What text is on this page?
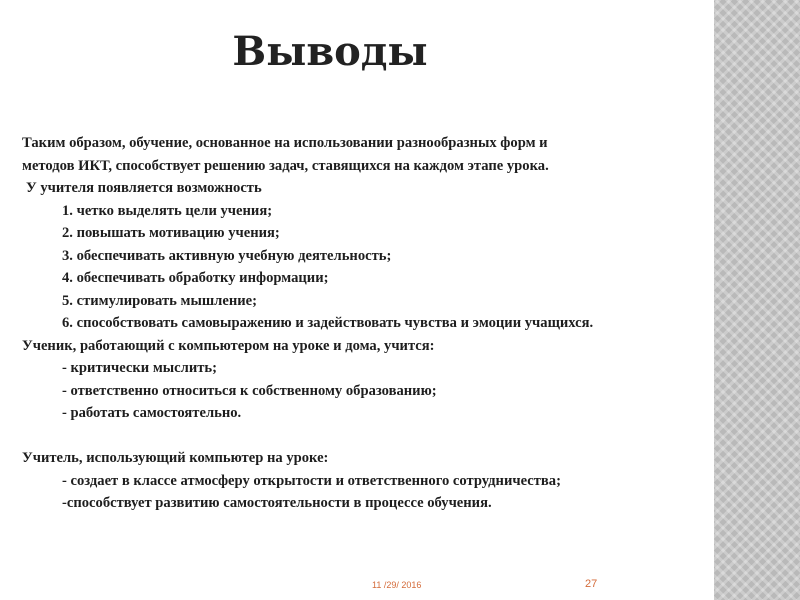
Выводы
Таким образом, обучение, основанное на использовании разнообразных форм и
методов ИКТ, способствует решению задач, ставящихся на каждом этапе урока.
У учителя появляется возможность
1. четко выделять цели учения;
2. повышать мотивацию учения;
3. обеспечивать активную учебную деятельность;
4. обеспечивать обработку информации;
5. стимулировать мышление;
6. способствовать самовыражению и задействовать чувства и эмоции учащихся.
Ученик, работающий с компьютером на уроке и дома, учится:
- критически мыслить;
- ответственно относиться к собственному образованию;
- работать самостоятельно.
Учитель, использующий компьютер на уроке:
- создает в классе атмосферу открытости и ответственного сотрудничества;
-способствует развитию самостоятельности в процессе обучения.
11 /29/ 2016	27
